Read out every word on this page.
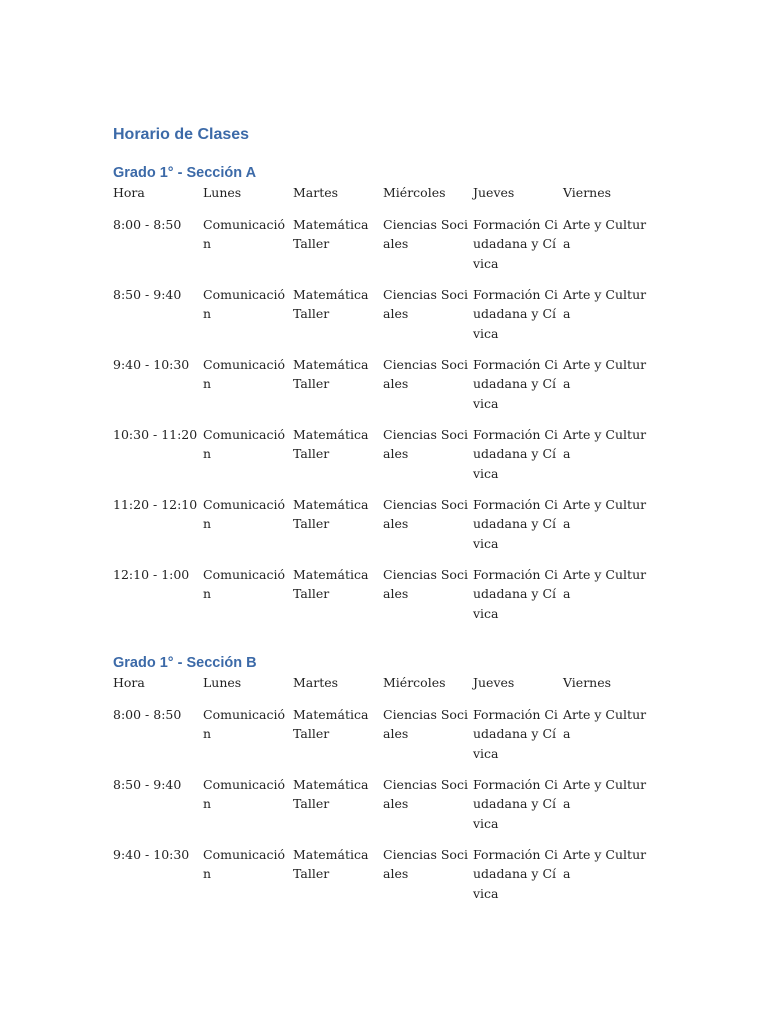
Horario de Clases
Grado 1° - Sección A
Hora	Lunes	Martes	Miércoles	Jueves	Viernes
8:00 - 8:50	Comunicación	Matemática Taller	Ciencias Sociales	Formación Ciudadana y Cívica	Arte y Cultura
8:50 - 9:40	Comunicación	Matemática Taller	Ciencias Sociales	Formación Ciudadana y Cívica	Arte y Cultura
9:40 - 10:30	Comunicación	Matemática Taller	Ciencias Sociales	Formación Ciudadana y Cívica	Arte y Cultura
10:30 - 11:20	Comunicación	Matemática Taller	Ciencias Sociales	Formación Ciudadana y Cívica	Arte y Cultura
11:20 - 12:10	Comunicación	Matemática Taller	Ciencias Sociales	Formación Ciudadana y Cívica	Arte y Cultura
12:10 - 1:00	Comunicación	Matemática Taller	Ciencias Sociales	Formación Ciudadana y Cívica	Arte y Cultura
Grado 1° - Sección B
Hora	Lunes	Martes	Miércoles	Jueves	Viernes
8:00 - 8:50	Comunicación	Matemática Taller	Ciencias Sociales	Formación Ciudadana y Cívica	Arte y Cultura
8:50 - 9:40	Comunicación	Matemática Taller	Ciencias Sociales	Formación Ciudadana y Cívica	Arte y Cultura
9:40 - 10:30	Comunicación	Matemática Taller	Ciencias Sociales	Formación Ciudadana y Cívica	Arte y Cultura
